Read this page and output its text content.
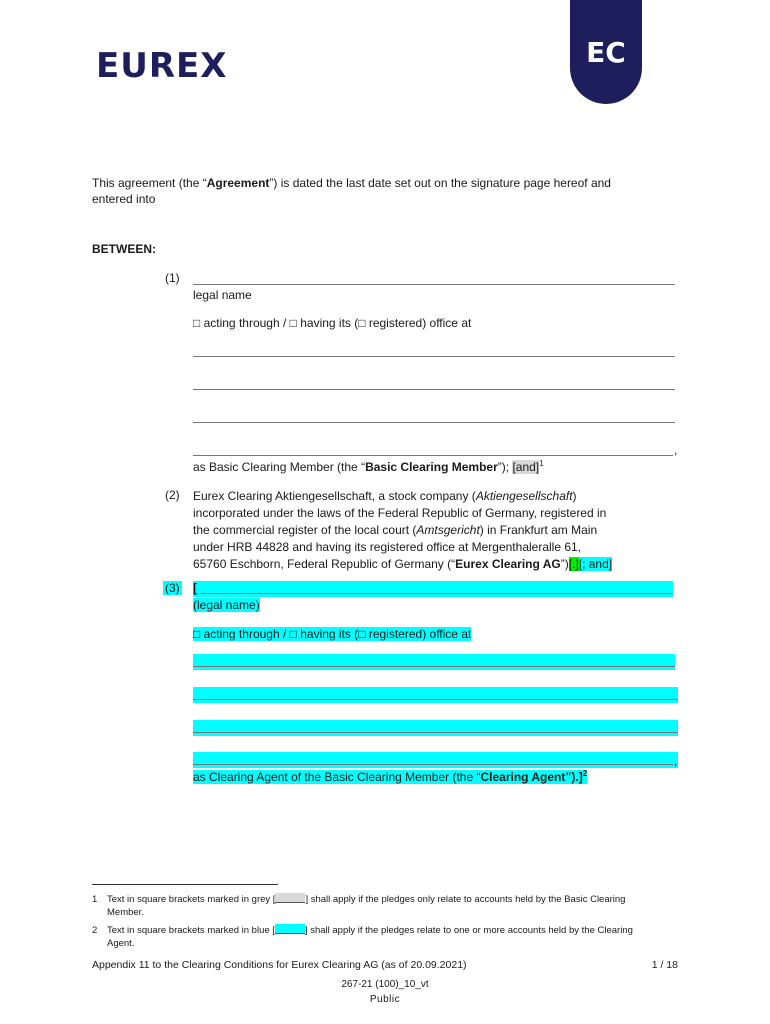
EUREX	EC
This agreement (the “Agreement”) is dated the last date set out on the signature page hereof and
entered into
BETWEEN:
(1)
legal name
□ acting through / □ having its (□ registered) office at
,
as Basic Clearing Member (the “Basic Clearing Member”); [and]$^1$
(2) Eurex Clearing Aktiengesellschaft, a stock company (Aktiengesellschaft)
incorporated under the laws of the Federal Republic of Germany, registered in
the commercial register of the local court (Amtsgericht) in Frankfurt am Main
under HRB 44828 and having its registered office at Mergenthaleralle 61,
65760 Eschborn, Federal Republic of Germany (“Eurex Clearing AG”)[.][; and]
(3) [
(legal name)
□ acting through / □ having its (□ registered) office at
,
as Clearing Agent of the Basic Clearing Member (the “Clearing Agent”).]$^2$
1 Text in square brackets marked in grey [	] shall apply if the pledges only relate to accounts held by the Basic Clearing
Member.
2 Text in square brackets marked in blue [	] shall apply if the pledges relate to one or more accounts held by the Clearing
Agent.
Appendix 11 to the Clearing Conditions for Eurex Clearing AG (as of 20.09.2021)	1 / 18
267-21 (100)_10_vt
Public
